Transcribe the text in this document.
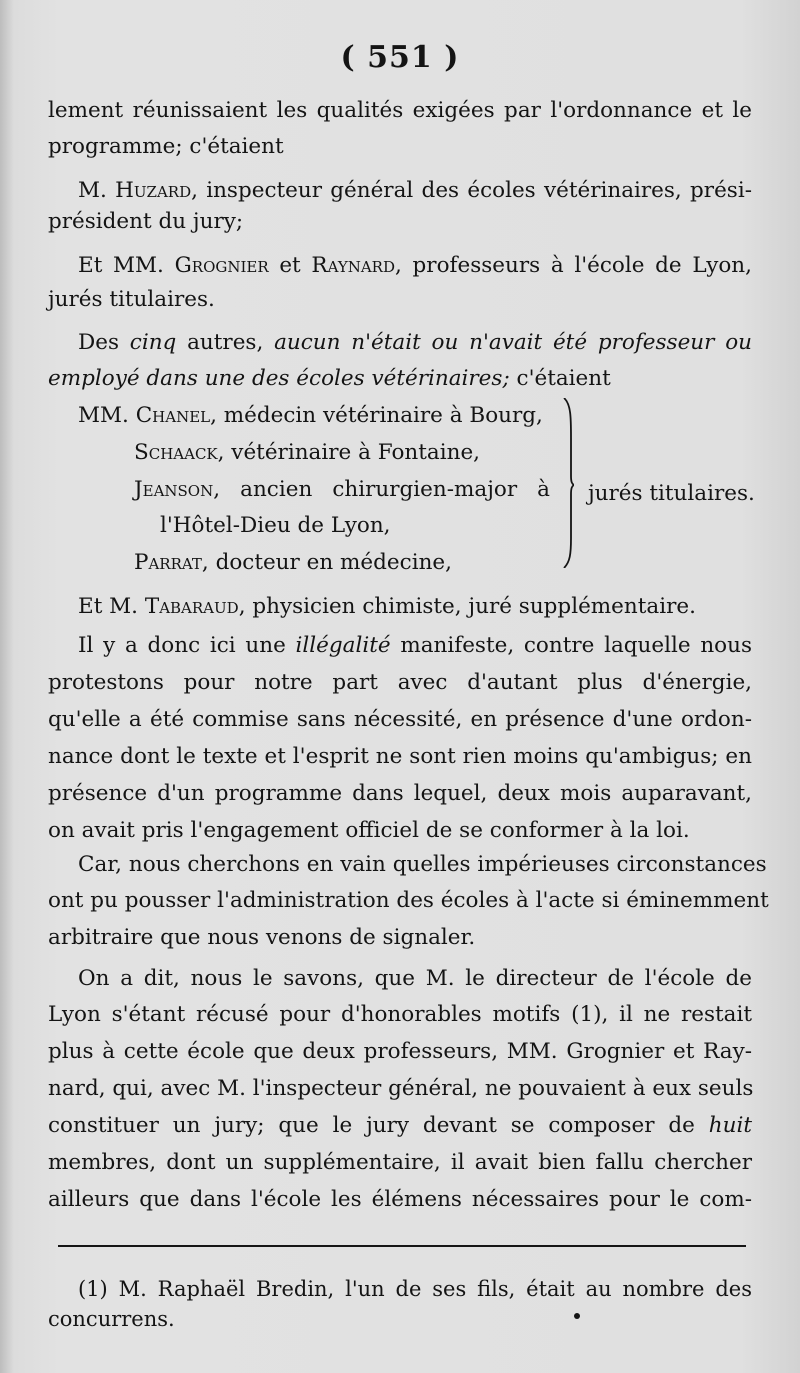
( 551 )
lement réunissaient les qualités exigées par l'ordonnance et le
programme; c'étaient
M. Huzard, inspecteur général des écoles vétérinaires, prési-
président du jury;
Et MM. Grognier et Raynard, professeurs à l'école de Lyon,
jurés titulaires.
Des cinq autres, aucun n'était ou n'avait été professeur ou
employé dans une des écoles vétérinaires; c'étaient
MM. Chanel, médecin vétérinaire à Bourg,
Schaack, vétérinaire à Fontaine,
Jeanson, ancien chirurgien-major à
l'Hôtel-Dieu de Lyon,
Parrat, docteur en médecine,
jurés titulaires.
Et M. Tabaraud, physicien chimiste, juré supplémentaire.
Il y a donc ici une illégalité manifeste, contre laquelle nous
protestons pour notre part avec d'autant plus d'énergie,
qu'elle a été commise sans nécessité, en présence d'une ordon-
nance dont le texte et l'esprit ne sont rien moins qu'ambigus; en
présence d'un programme dans lequel, deux mois auparavant,
on avait pris l'engagement officiel de se conformer à la loi.
Car, nous cherchons en vain quelles impérieuses circonstances
ont pu pousser l'administration des écoles à l'acte si éminemment
arbitraire que nous venons de signaler.
On a dit, nous le savons, que M. le directeur de l'école de
Lyon s'étant récusé pour d'honorables motifs (1), il ne restait
plus à cette école que deux professeurs, MM. Grognier et Ray-
nard, qui, avec M. l'inspecteur général, ne pouvaient à eux seuls
constituer un jury; que le jury devant se composer de huit
membres, dont un supplémentaire, il avait bien fallu chercher
ailleurs que dans l'école les élémens nécessaires pour le com-
(1) M. Raphaël Bredin, l'un de ses fils, était au nombre des
concurrens.
